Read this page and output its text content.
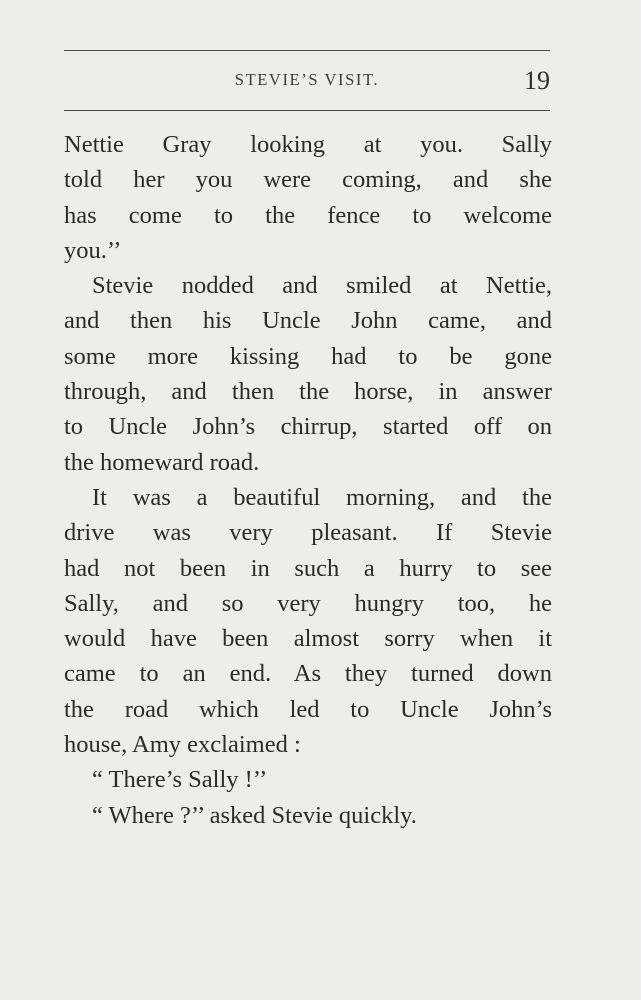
STEVIE’S VISIT.	19

Nettie Gray looking at you. Sally
told her you were coming, and she
has come to the fence to welcome
you.’’

Stevie nodded and smiled at Nettie,
and then his Uncle John came, and
some more kissing had to be gone
through, and then the horse, in answer
to Uncle John’s chirrup, started off on
the homeward road.

It was a beautiful morning, and the
drive was very pleasant. If Stevie
had not been in such a hurry to see
Sally, and so very hungry too, he
would have been almost sorry when it
came to an end. As they turned down
the road which led to Uncle John’s
house, Amy exclaimed :

“ There’s Sally !’’

“ Where ?’’ asked Stevie quickly.
